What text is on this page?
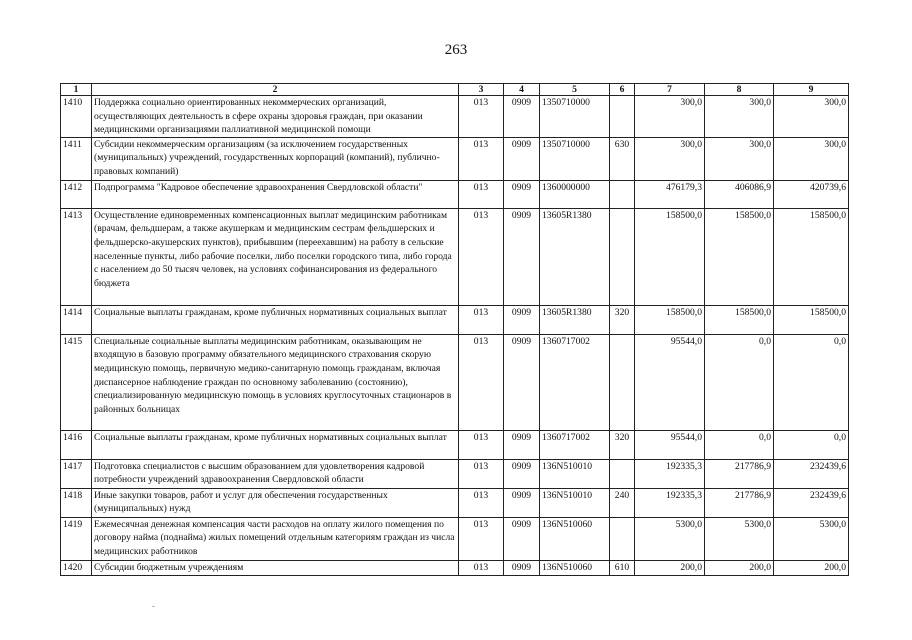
263
1	2	3	4	5	6	7	8	9
1410	Поддержка социально ориентированных некоммерческих организаций, осуществляющих деятельность в сфере охраны здоровья граждан, при оказании медицинскими организациями паллиативной медицинской помощи	013	0909	1350710000		300,0	300,0	300,0
1411	Субсидии некоммерческим организациям (за исключением государственных (муниципальных) учреждений, государственных корпораций (компаний), публично-правовых компаний)	013	0909	1350710000	630	300,0	300,0	300,0
1412	Подпрограмма "Кадровое обеспечение здравоохранения Свердловской области"	013	0909	1360000000		476179,3	406086,9	420739,6
1413	Осуществление единовременных компенсационных выплат медицинским работникам (врачам, фельдшерам, а также акушеркам и медицинским сестрам фельдшерских и фельдшерско-акушерских пунктов), прибывшим (переехавшим) на работу в сельские населенные пункты, либо рабочие поселки, либо поселки городского типа, либо города с населением до 50 тысяч человек, на условиях софинансирования из федерального бюджета	013	0909	13605R1380		158500,0	158500,0	158500,0
1414	Социальные выплаты гражданам, кроме публичных нормативных социальных выплат	013	0909	13605R1380	320	158500,0	158500,0	158500,0
1415	Специальные социальные выплаты медицинским работникам, оказывающим не входящую в базовую программу обязательного медицинского страхования скорую медицинскую помощь, первичную медико-санитарную помощь гражданам, включая диспансерное наблюдение граждан по основному заболеванию (состоянию), специализированную медицинскую помощь в условиях круглосуточных стационаров в районных больницах	013	0909	1360717002		95544,0	0,0	0,0
1416	Социальные выплаты гражданам, кроме публичных нормативных социальных выплат	013	0909	1360717002	320	95544,0	0,0	0,0
1417	Подготовка специалистов с высшим образованием для удовлетворения кадровой потребности учреждений здравоохранения Свердловской области	013	0909	136N510010		192335,3	217786,9	232439,6
1418	Иные закупки товаров, работ и услуг для обеспечения государственных (муниципальных) нужд	013	0909	136N510010	240	192335,3	217786,9	232439,6
1419	Ежемесячная денежная компенсация части расходов на оплату жилого помещения по договору найма (поднайма) жилых помещений отдельным категориям граждан из числа медицинских работников	013	0909	136N510060		5300,0	5300,0	5300,0
1420	Субсидии бюджетным учреждениям	013	0909	136N510060	610	200,0	200,0	200,0
